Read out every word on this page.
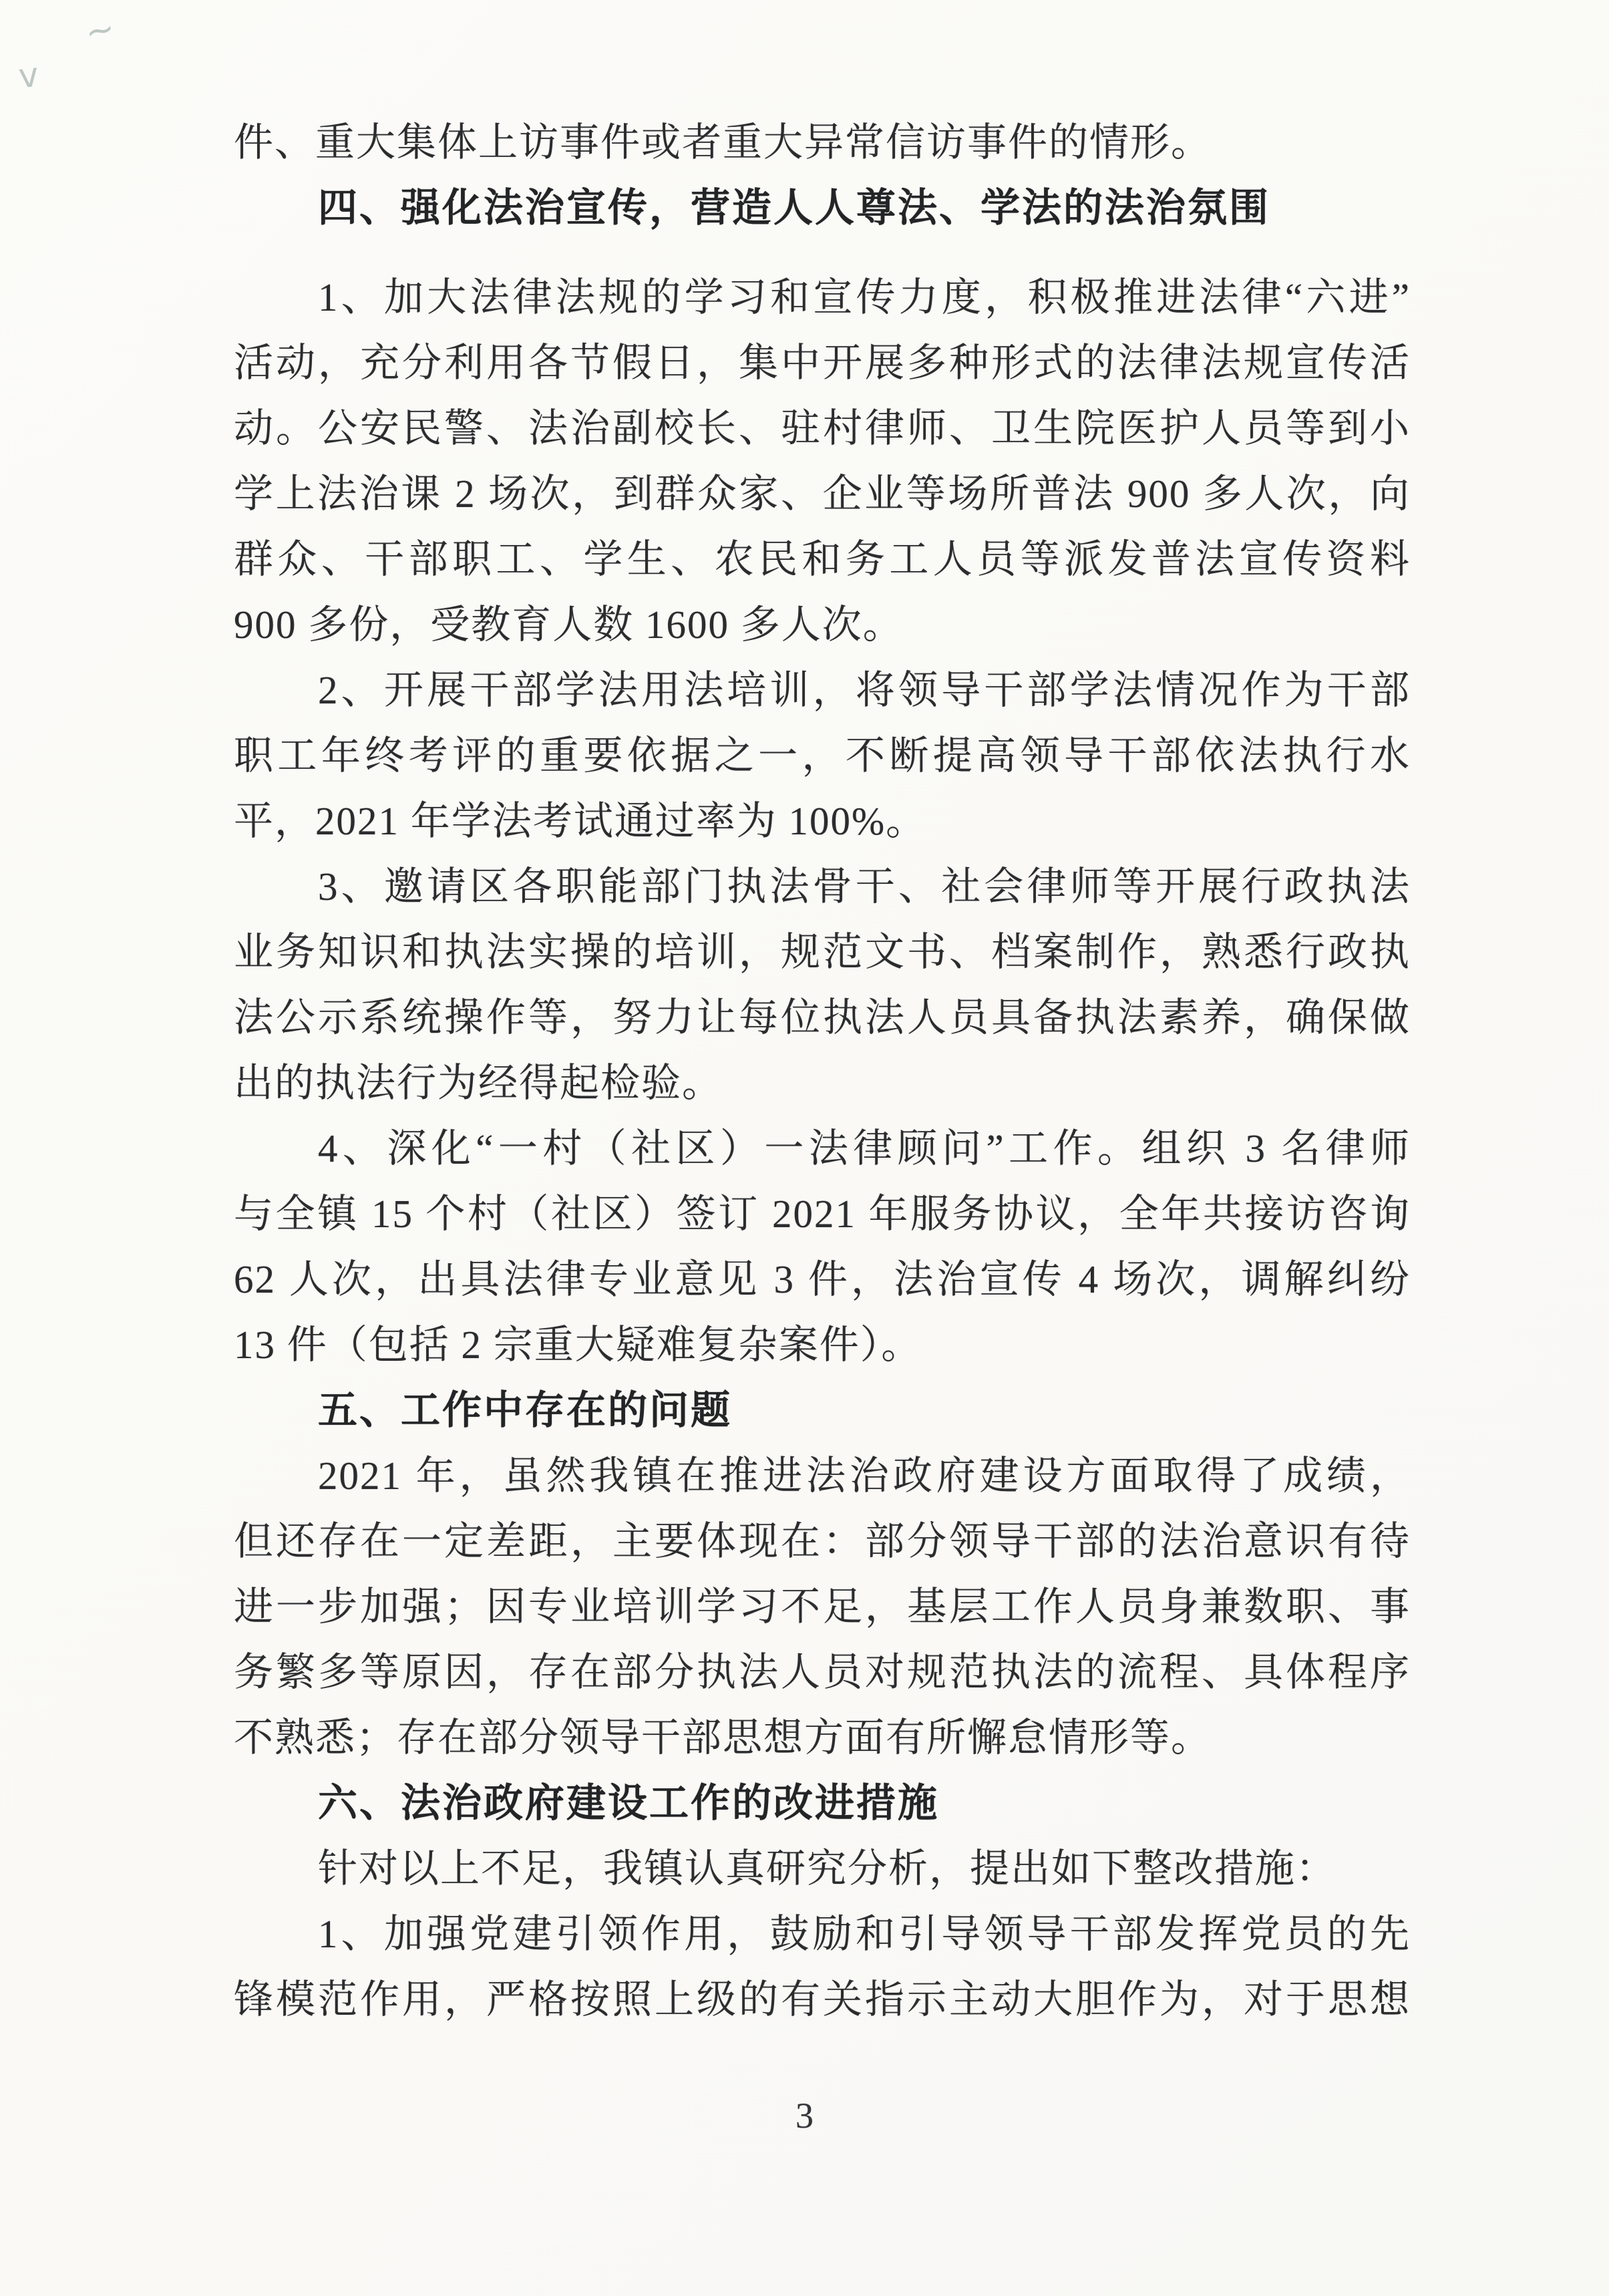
~
v
件、重大集体上访事件或者重大异常信访事件的情形。
四、强化法治宣传，营造人人尊法、学法的法治氛围
1、加大法律法规的学习和宣传力度，积极推进法律“六进”
活动，充分利用各节假日，集中开展多种形式的法律法规宣传活
动。公安民警、法治副校长、驻村律师、卫生院医护人员等到小
学上法治课 2 场次，到群众家、企业等场所普法 900 多人次，向
群众、干部职工、学生、农民和务工人员等派发普法宣传资料
900 多份，受教育人数 1600 多人次。
2、开展干部学法用法培训，将领导干部学法情况作为干部
职工年终考评的重要依据之一，不断提高领导干部依法执行水
平，2021 年学法考试通过率为 100%。
3、邀请区各职能部门执法骨干、社会律师等开展行政执法
业务知识和执法实操的培训，规范文书、档案制作，熟悉行政执
法公示系统操作等，努力让每位执法人员具备执法素养，确保做
出的执法行为经得起检验。
4、深化“一村（社区）一法律顾问”工作。组织 3 名律师
与全镇 15 个村（社区）签订 2021 年服务协议，全年共接访咨询
62 人次，出具法律专业意见 3 件，法治宣传 4 场次，调解纠纷
13 件（包括 2 宗重大疑难复杂案件）。
五、工作中存在的问题
2021 年，虽然我镇在推进法治政府建设方面取得了成绩，
但还存在一定差距，主要体现在：部分领导干部的法治意识有待
进一步加强；因专业培训学习不足，基层工作人员身兼数职、事
务繁多等原因，存在部分执法人员对规范执法的流程、具体程序
不熟悉；存在部分领导干部思想方面有所懈怠情形等。
六、法治政府建设工作的改进措施
针对以上不足，我镇认真研究分析，提出如下整改措施：
1、加强党建引领作用，鼓励和引导领导干部发挥党员的先
锋模范作用，严格按照上级的有关指示主动大胆作为，对于思想
3
